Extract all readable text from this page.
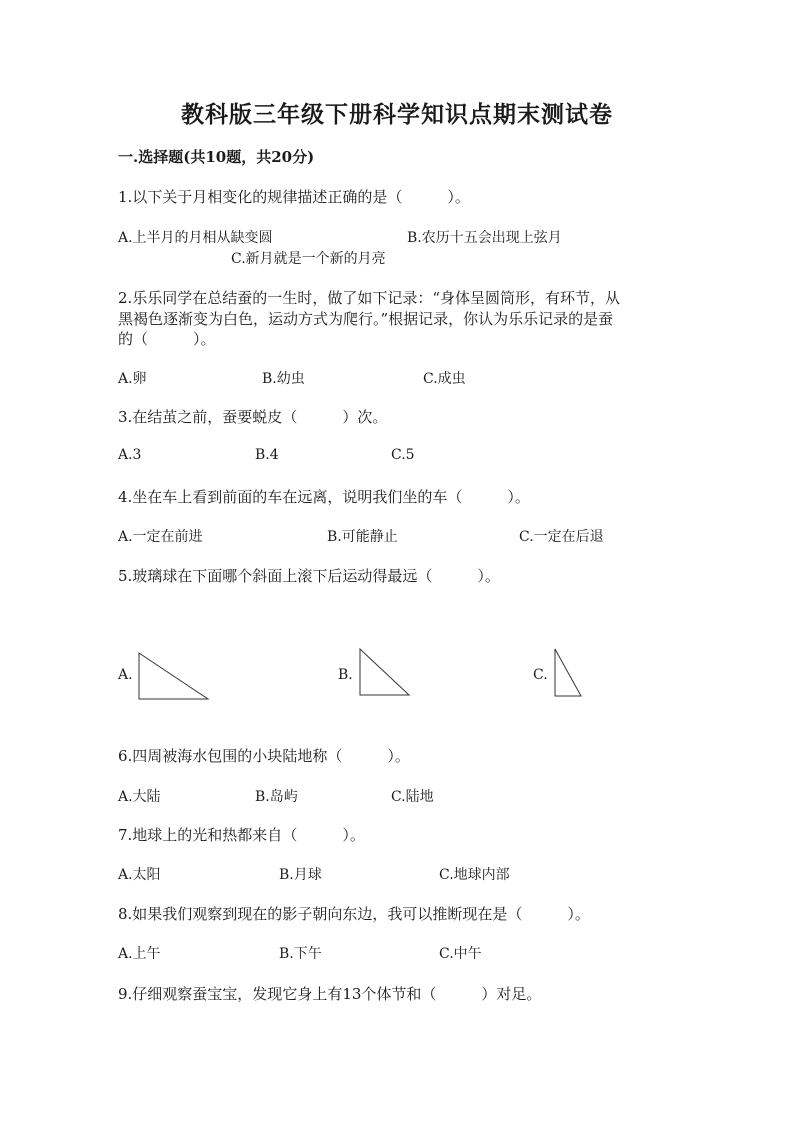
教科版三年级下册科学知识点期末测试卷
一.选择题(共10题，共20分)
1.以下关于月相变化的规律描述正确的是（　　　）。
A.上半月的月相从缺变圆	B.农历十五会出现上弦月
C.新月就是一个新的月亮
2.乐乐同学在总结蚕的一生时，做了如下记录：“身体呈圆筒形，有环节，从
黑褐色逐渐变为白色，运动方式为爬行。”根据记录，你认为乐乐记录的是蚕
的（　　　）。
A.卵	B.幼虫	C.成虫
3.在结茧之前，蚕要蜕皮（　　　）次。
A.3	B.4	C.5
4.坐在车上看到前面的车在远离，说明我们坐的车（　　　）。
A.一定在前进	B.可能静止	C.一定在后退
5.玻璃球在下面哪个斜面上滚下后运动得最远（　　　）。
A.	B.	C.
6.四周被海水包围的小块陆地称（　　　）。
A.大陆	B.岛屿	C.陆地
7.地球上的光和热都来自（　　　）。
A.太阳	B.月球	C.地球内部
8.如果我们观察到现在的影子朝向东边，我可以推断现在是（　　　）。
A.上午	B.下午	C.中午
9.仔细观察蚕宝宝，发现它身上有13个体节和（　　　）对足。
